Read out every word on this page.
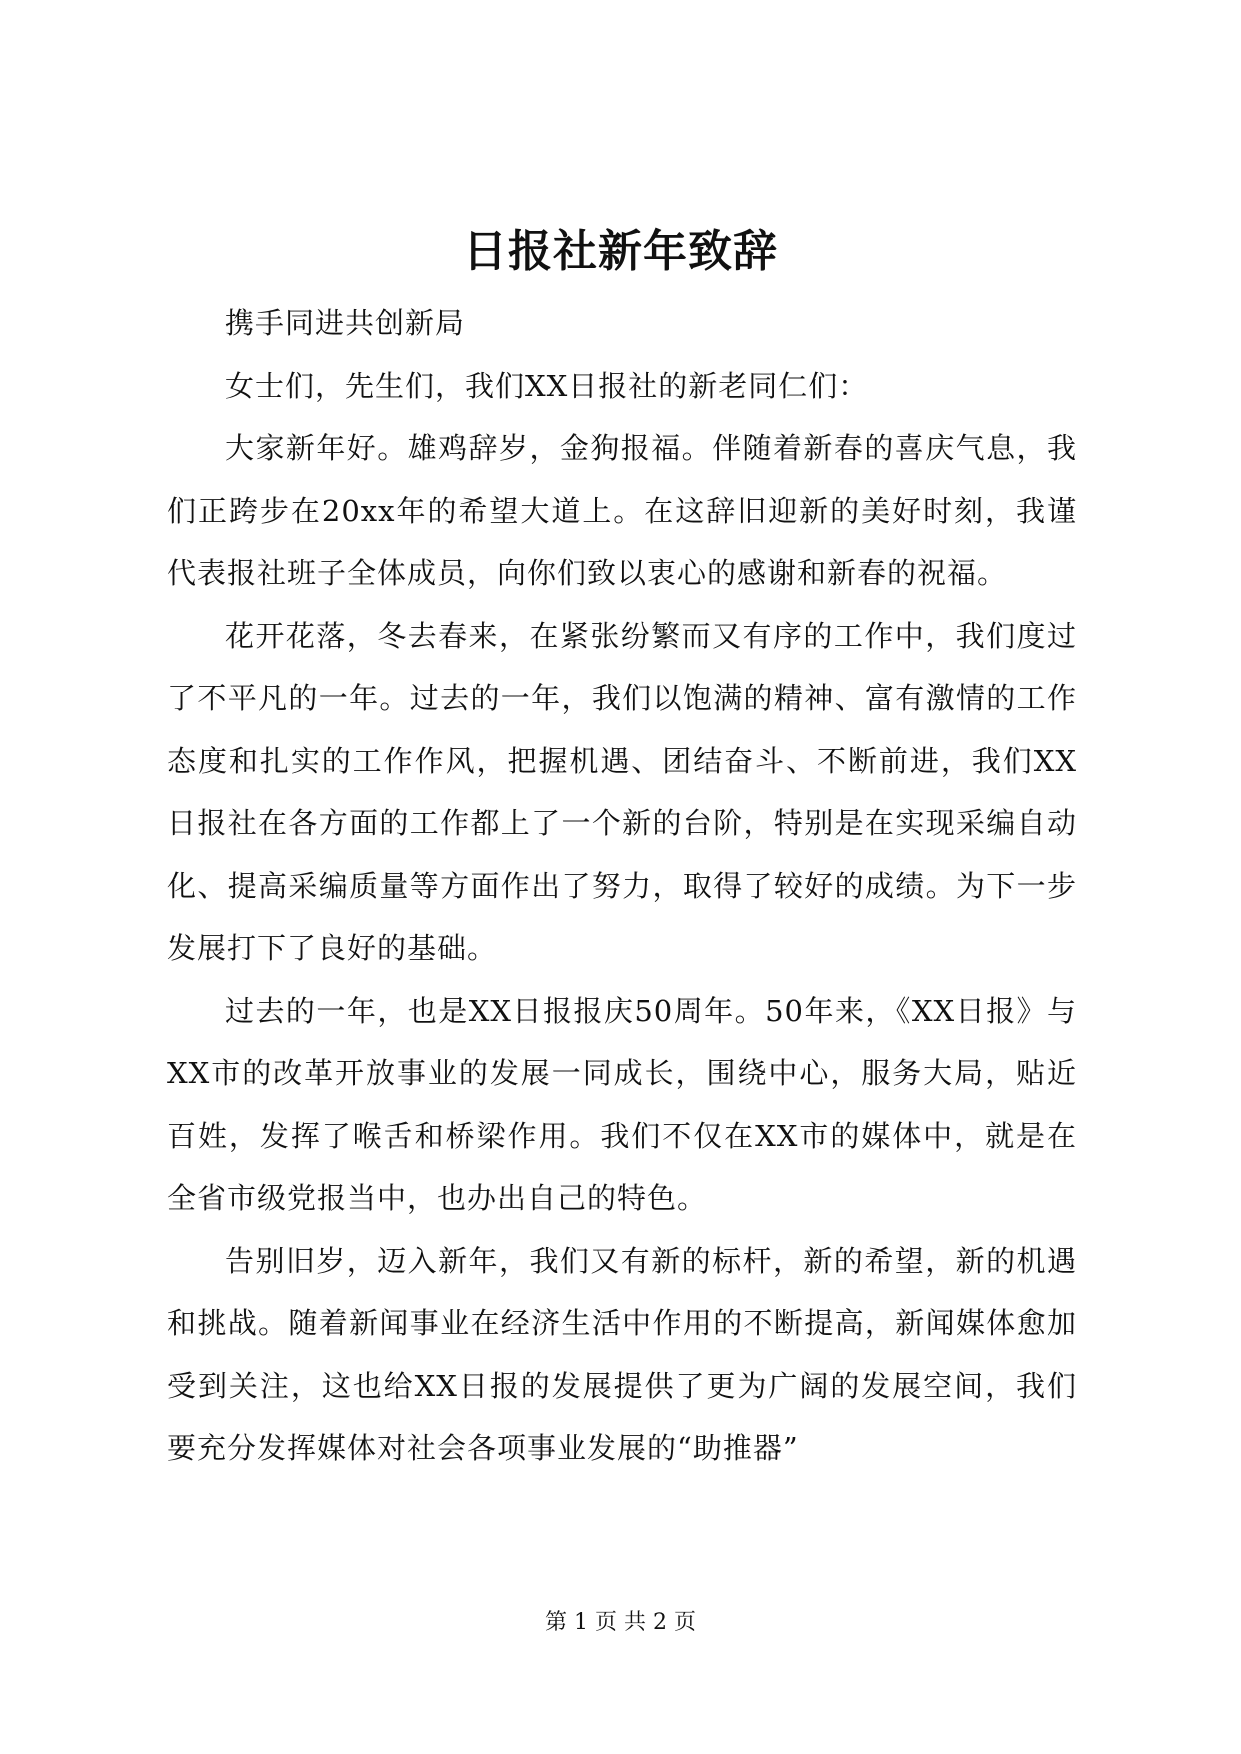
日报社新年致辞

携手同进共创新局

女士们，先生们，我们XX日报社的新老同仁们：

大家新年好。雄鸡辞岁，金狗报福。伴随着新春的喜庆气息，我们正跨步在20xx年的希望大道上。在这辞旧迎新的美好时刻，我谨代表报社班子全体成员，向你们致以衷心的感谢和新春的祝福。

花开花落，冬去春来，在紧张纷繁而又有序的工作中，我们度过了不平凡的一年。过去的一年，我们以饱满的精神、富有激情的工作态度和扎实的工作作风，把握机遇、团结奋斗、不断前进，我们XX日报社在各方面的工作都上了一个新的台阶，特别是在实现采编自动化、提高采编质量等方面作出了努力，取得了较好的成绩。为下一步发展打下了良好的基础。

过去的一年，也是XX日报报庆50周年。50年来，《XX日报》与XX市的改革开放事业的发展一同成长，围绕中心，服务大局，贴近百姓，发挥了喉舌和桥梁作用。我们不仅在XX市的媒体中，就是在全省市级党报当中，也办出自己的特色。

告别旧岁，迈入新年，我们又有新的标杆，新的希望，新的机遇和挑战。随着新闻事业在经济生活中作用的不断提高，新闻媒体愈加受到关注，这也给XX日报的发展提供了更为广阔的发展空间，我们要充分发挥媒体对社会各项事业发展的“助推器”

第 1 页 共 2 页
